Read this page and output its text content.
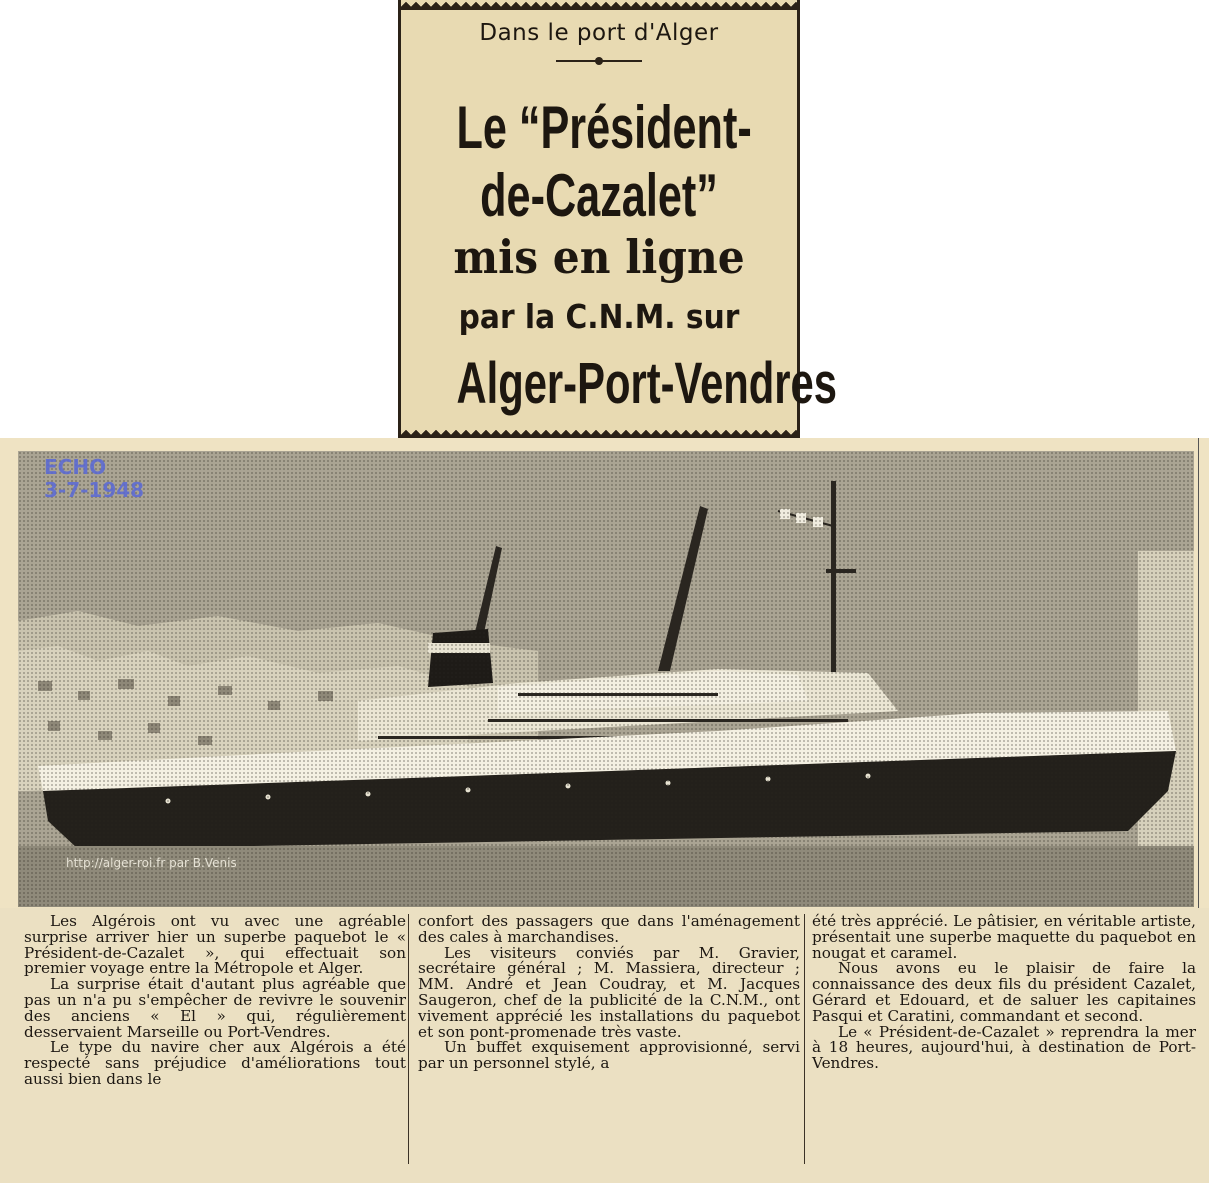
Dans le port d'Alger
Le “Président-
de-Cazalet”
mis en ligne
par la C.N.M. sur
Alger-Port-Vendres
ECHO
3-7-1948
http://alger-roi.fr par B.Venis

Les Algérois ont vu avec une agréable surprise arriver hier un superbe paquebot le « Président-de-Cazalet », qui effectuait son premier voyage entre la Métropole et Alger.

La surprise était d'autant plus agréable que pas un n'a pu s'empêcher de revivre le souvenir des anciens « El » qui, régulièrement desservaient Marseille ou Port-Vendres.

Le type du navire cher aux Algérois a été respecté sans préjudice d'améliorations tout aussi bien dans le

confort des passagers que dans l'aménagement des cales à marchandises.

Les visiteurs conviés par M. Gravier, secrétaire général ; M. Massiera, directeur ; MM. André et Jean Coudray, et M. Jacques Saugeron, chef de la publicité de la C.N.M., ont vivement apprécié les installations du paquebot et son pont-promenade très vaste.

Un buffet exquisement approvisionné, servi par un personnel stylé, a

été très apprécié. Le pâtisier, en véritable artiste, présentait une superbe maquette du paquebot en nougat et caramel.

Nous avons eu le plaisir de faire la connaissance des deux fils du président Cazalet, Gérard et Edouard, et de saluer les capitaines Pasqui et Caratini, commandant et second.

Le « Président-de-Cazalet » reprendra la mer à 18 heures, aujourd'hui, à destination de Port-Vendres.
